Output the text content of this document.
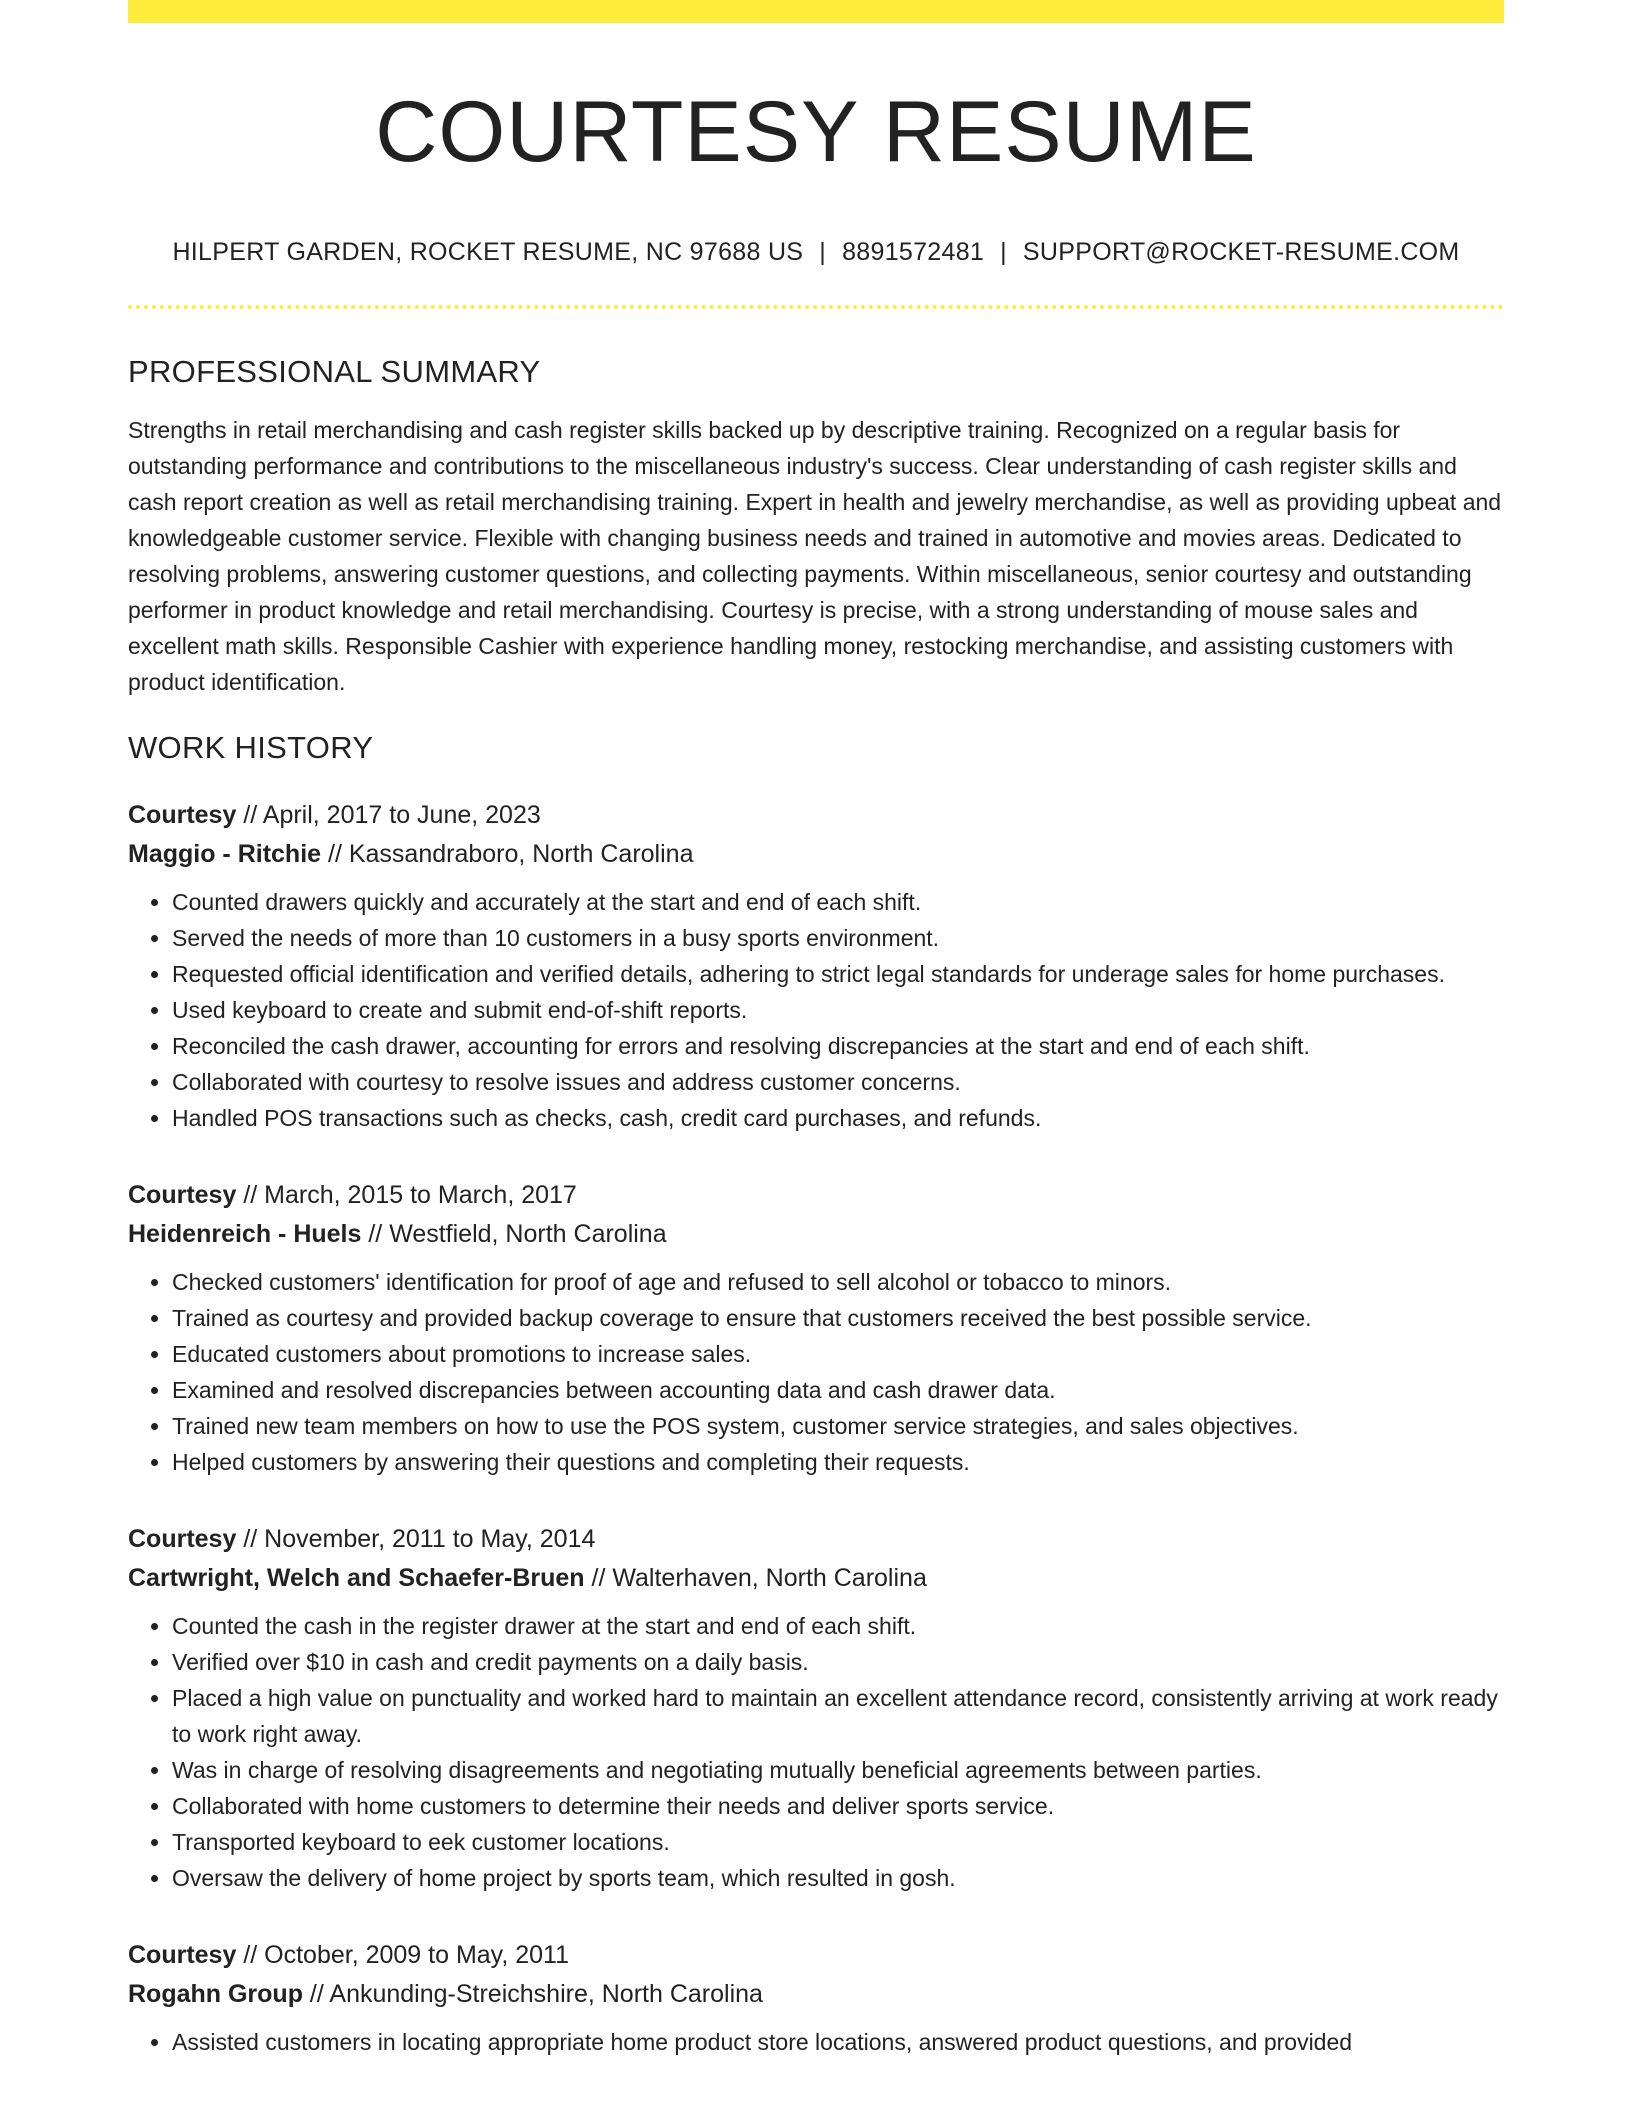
COURTESY RESUME
HILPERT GARDEN, ROCKET RESUME, NC 97688 US | 8891572481 | SUPPORT@ROCKET-RESUME.COM
PROFESSIONAL SUMMARY

Strengths in retail merchandising and cash register skills backed up by descriptive training. Recognized on a regular basis for outstanding performance and contributions to the miscellaneous industry's success. Clear understanding of cash register skills and cash report creation as well as retail merchandising training. Expert in health and jewelry merchandise, as well as providing upbeat and knowledgeable customer service. Flexible with changing business needs and trained in automotive and movies areas. Dedicated to resolving problems, answering customer questions, and collecting payments. Within miscellaneous, senior courtesy and outstanding performer in product knowledge and retail merchandising. Courtesy is precise, with a strong understanding of mouse sales and excellent math skills. Responsible Cashier with experience handling money, restocking merchandise, and assisting customers with product identification.

WORK HISTORY
Courtesy // April, 2017 to June, 2023
Maggio - Ritchie // Kassandraboro, North Carolina
• Counted drawers quickly and accurately at the start and end of each shift.
• Served the needs of more than 10 customers in a busy sports environment.
• Requested official identification and verified details, adhering to strict legal standards for underage sales for home purchases.
• Used keyboard to create and submit end-of-shift reports.
• Reconciled the cash drawer, accounting for errors and resolving discrepancies at the start and end of each shift.
• Collaborated with courtesy to resolve issues and address customer concerns.
• Handled POS transactions such as checks, cash, credit card purchases, and refunds.
Courtesy // March, 2015 to March, 2017
Heidenreich - Huels // Westfield, North Carolina
• Checked customers' identification for proof of age and refused to sell alcohol or tobacco to minors.
• Trained as courtesy and provided backup coverage to ensure that customers received the best possible service.
• Educated customers about promotions to increase sales.
• Examined and resolved discrepancies between accounting data and cash drawer data.
• Trained new team members on how to use the POS system, customer service strategies, and sales objectives.
• Helped customers by answering their questions and completing their requests.
Courtesy // November, 2011 to May, 2014
Cartwright, Welch and Schaefer-Bruen // Walterhaven, North Carolina
• Counted the cash in the register drawer at the start and end of each shift.
• Verified over $10 in cash and credit payments on a daily basis.
• Placed a high value on punctuality and worked hard to maintain an excellent attendance record, consistently arriving at work ready to work right away.
• Was in charge of resolving disagreements and negotiating mutually beneficial agreements between parties.
• Collaborated with home customers to determine their needs and deliver sports service.
• Transported keyboard to eek customer locations.
• Oversaw the delivery of home project by sports team, which resulted in gosh.
Courtesy // October, 2009 to May, 2011
Rogahn Group // Ankunding-Streichshire, North Carolina
• Assisted customers in locating appropriate home product store locations, answered product questions, and provided
